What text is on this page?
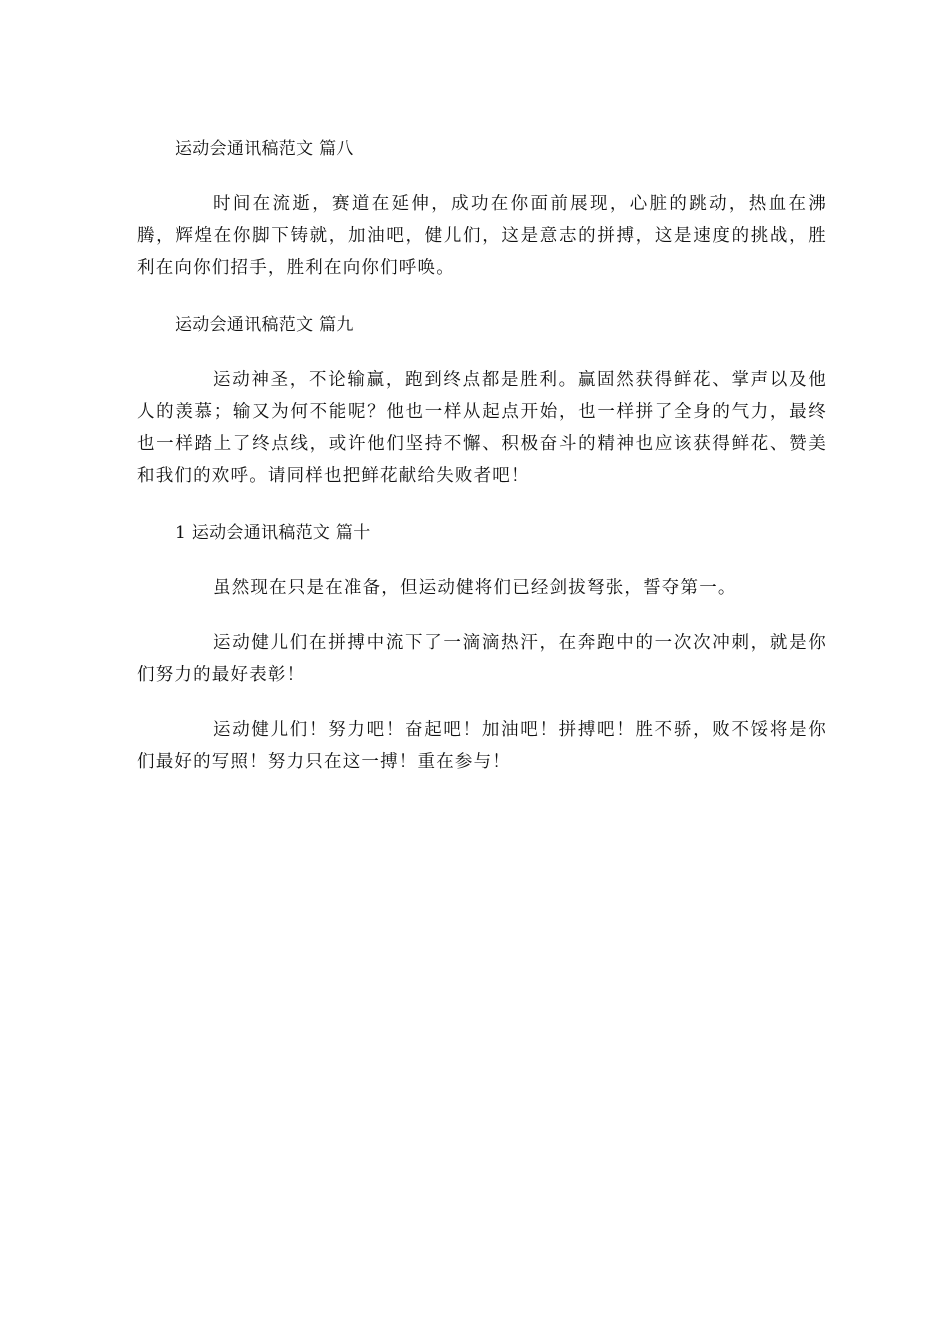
运动会通讯稿范文 篇八
时间在流逝，赛道在延伸，成功在你面前展现，心脏的跳动，热血在沸腾，辉煌在你脚下铸就，加油吧，健儿们，这是意志的拼搏，这是速度的挑战，胜利在向你们招手，胜利在向你们呼唤。
运动会通讯稿范文 篇九
运动神圣，不论输赢，跑到终点都是胜利。赢固然获得鲜花、掌声以及他人的羡慕；输又为何不能呢？他也一样从起点开始，也一样拼了全身的气力，最终也一样踏上了终点线，或许他们坚持不懈、积极奋斗的精神也应该获得鲜花、赞美和我们的欢呼。请同样也把鲜花献给失败者吧！
1 运动会通讯稿范文 篇十
虽然现在只是在准备，但运动健将们已经剑拔弩张，誓夺第一。
运动健儿们在拼搏中流下了一滴滴热汗，在奔跑中的一次次冲刺，就是你们努力的最好表彰！
运动健儿们！努力吧！奋起吧！加油吧！拼搏吧！胜不骄，败不馁将是你们最好的写照！努力只在这一搏！重在参与！
